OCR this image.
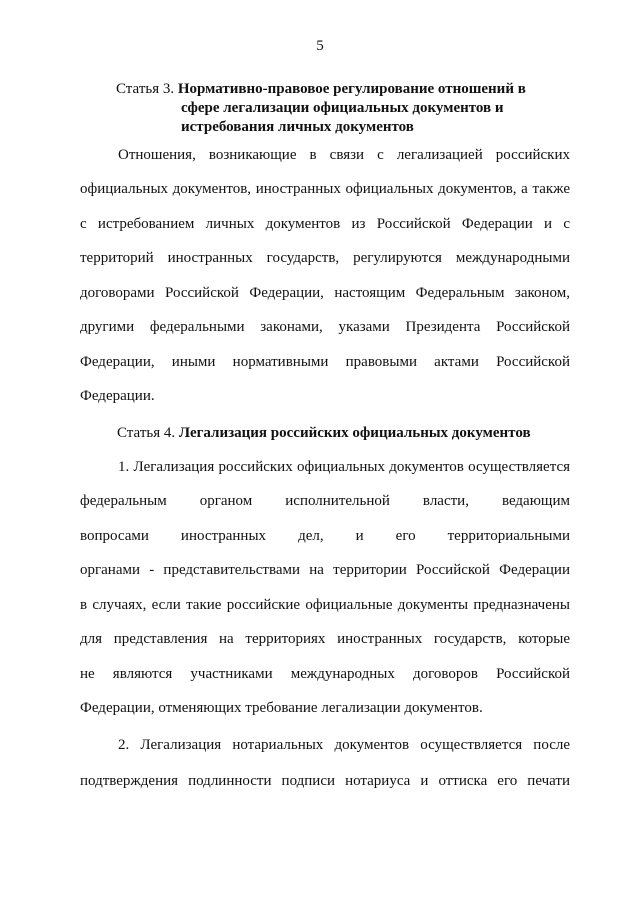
5
Статья 3. Нормативно-правовое регулирование отношений в
сфере легализации официальных документов и
истребования личных документов
Отношения, возникающие в связи с легализацией российских
официальных документов, иностранных официальных документов, а также
с истребованием личных документов из Российской Федерации и с
территорий иностранных государств, регулируются международными
договорами Российской Федерации, настоящим Федеральным законом,
другими федеральными законами, указами Президента Российской
Федерации, иными нормативными правовыми актами Российской
Федерации.
Статья 4. Легализация российских официальных документов
1. Легализация российских официальных документов осуществляется
федеральным органом исполнительной власти, ведающим
вопросами иностранных дел, и его территориальными
органами - представительствами на территории Российской Федерации
в случаях, если такие российские официальные документы предназначены
для представления на территориях иностранных государств, которые
не являются участниками международных договоров Российской
Федерации, отменяющих требование легализации документов.
2. Легализация нотариальных документов осуществляется после
подтверждения подлинности подписи нотариуса и оттиска его печати
